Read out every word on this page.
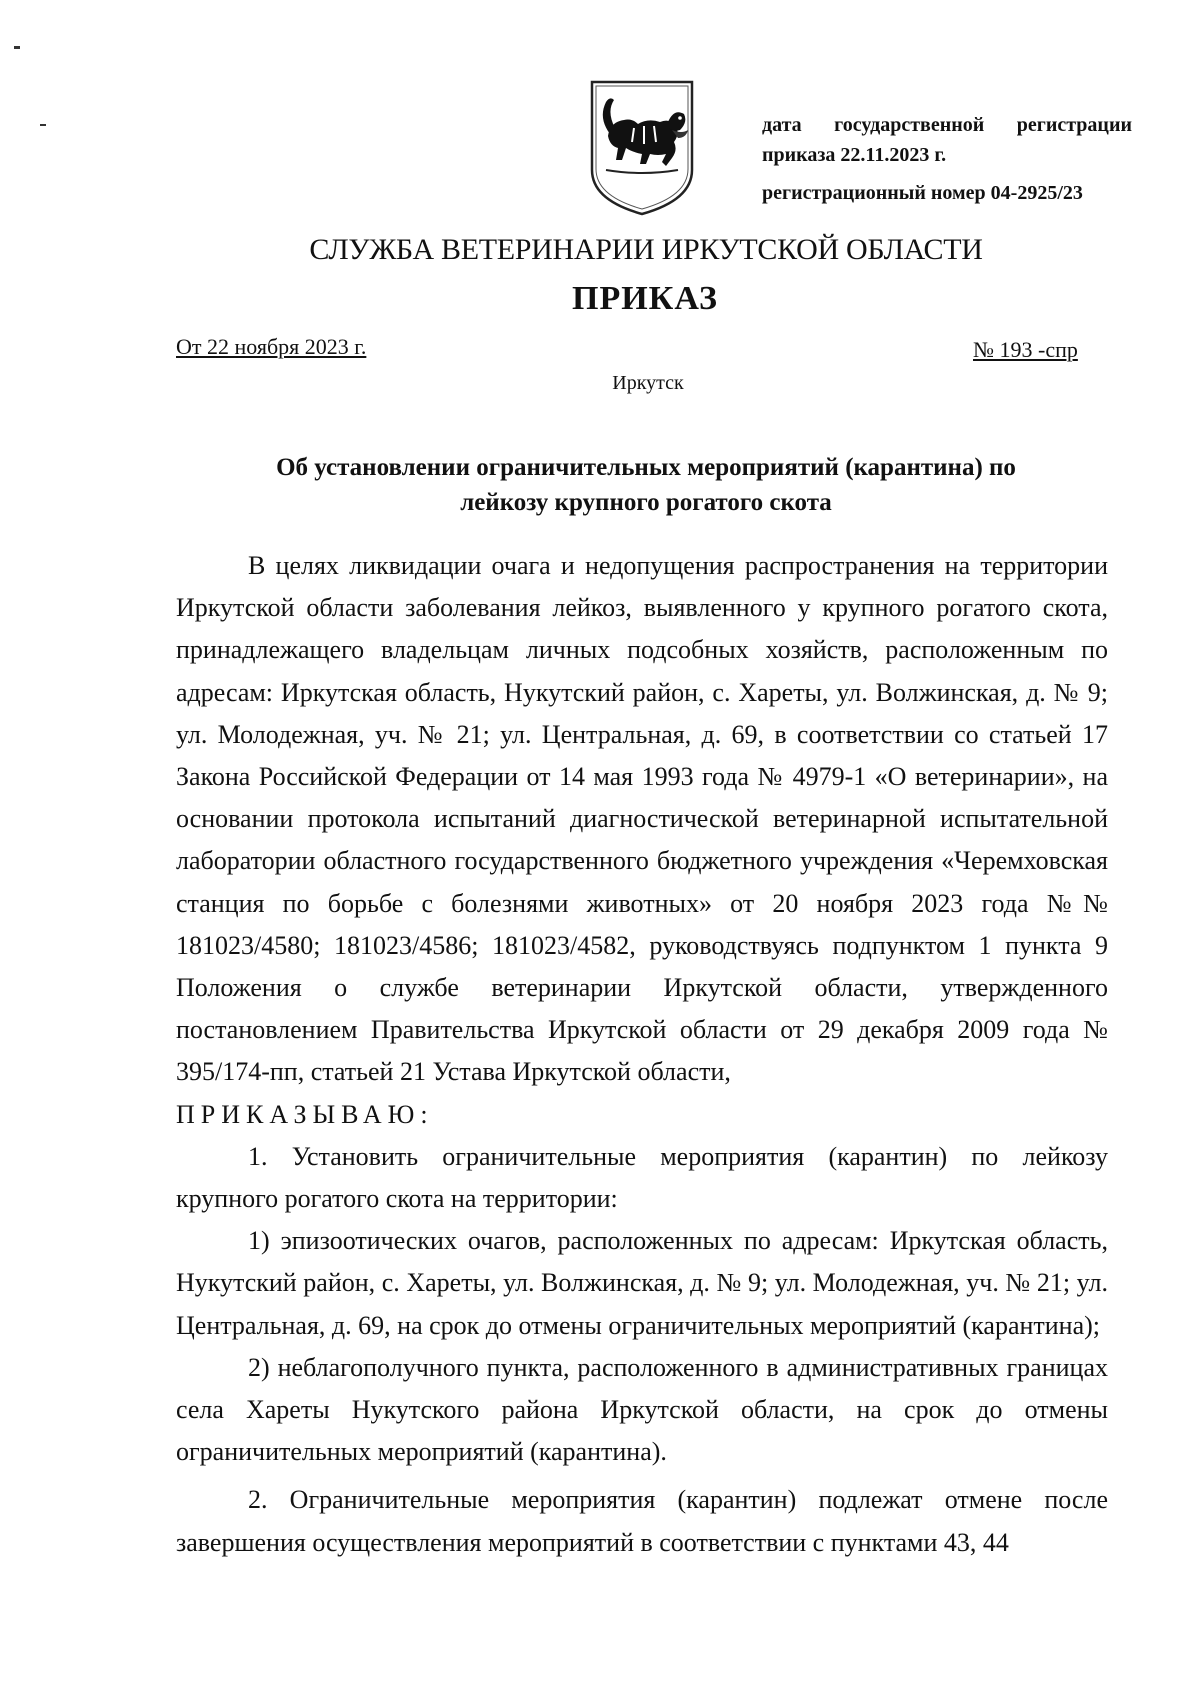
дата государственной регистрации
приказа 22.11.2023 г.
регистрационный номер 04-2925/23
СЛУЖБА ВЕТЕРИНАРИИ ИРКУТСКОЙ ОБЛАСТИ
ПРИКАЗ
От 22 ноября 2023 г.	№ 193 -спр
Иркутск
Об установлении ограничительных мероприятий (карантина) по
лейкозу крупного рогатого скота

В целях ликвидации очага и недопущения распространения на территории Иркутской области заболевания лейкоз, выявленного у крупного рогатого скота, принадлежащего владельцам личных подсобных хозяйств, расположенным по адресам: Иркутская область, Нукутский район, с. Хареты, ул. Волжинская, д. № 9; ул. Молодежная, уч. № 21; ул. Центральная, д. 69, в соответствии со статьей 17 Закона Российской Федерации от 14 мая 1993 года № 4979-1 «О ветеринарии», на основании протокола испытаний диагностической ветеринарной испытательной лаборатории областного государственного бюджетного учреждения «Черемховская станция по борьбе с болезнями животных» от 20 ноября 2023 года №№ 181023/4580; 181023/4586; 181023/4582, руководствуясь подпунктом 1 пункта 9 Положения о службе ветеринарии Иркутской области, утвержденного постановлением Правительства Иркутской области от 29 декабря 2009 года № 395/174-пп, статьей 21 Устава Иркутской области,

ПРИКАЗЫВАЮ:

1. Установить ограничительные мероприятия (карантин) по лейкозу крупного рогатого скота на территории:

1) эпизоотических очагов, расположенных по адресам: Иркутская область, Нукутский район, с. Хареты, ул. Волжинская, д. № 9; ул. Молодежная, уч. № 21; ул. Центральная, д. 69, на срок до отмены ограничительных мероприятий (карантина);

2) неблагополучного пункта, расположенного в административных границах села Хареты Нукутского района Иркутской области, на срок до отмены ограничительных мероприятий (карантина).

2. Ограничительные мероприятия (карантин) подлежат отмене после завершения осуществления мероприятий в соответствии с пунктами 43, 44
